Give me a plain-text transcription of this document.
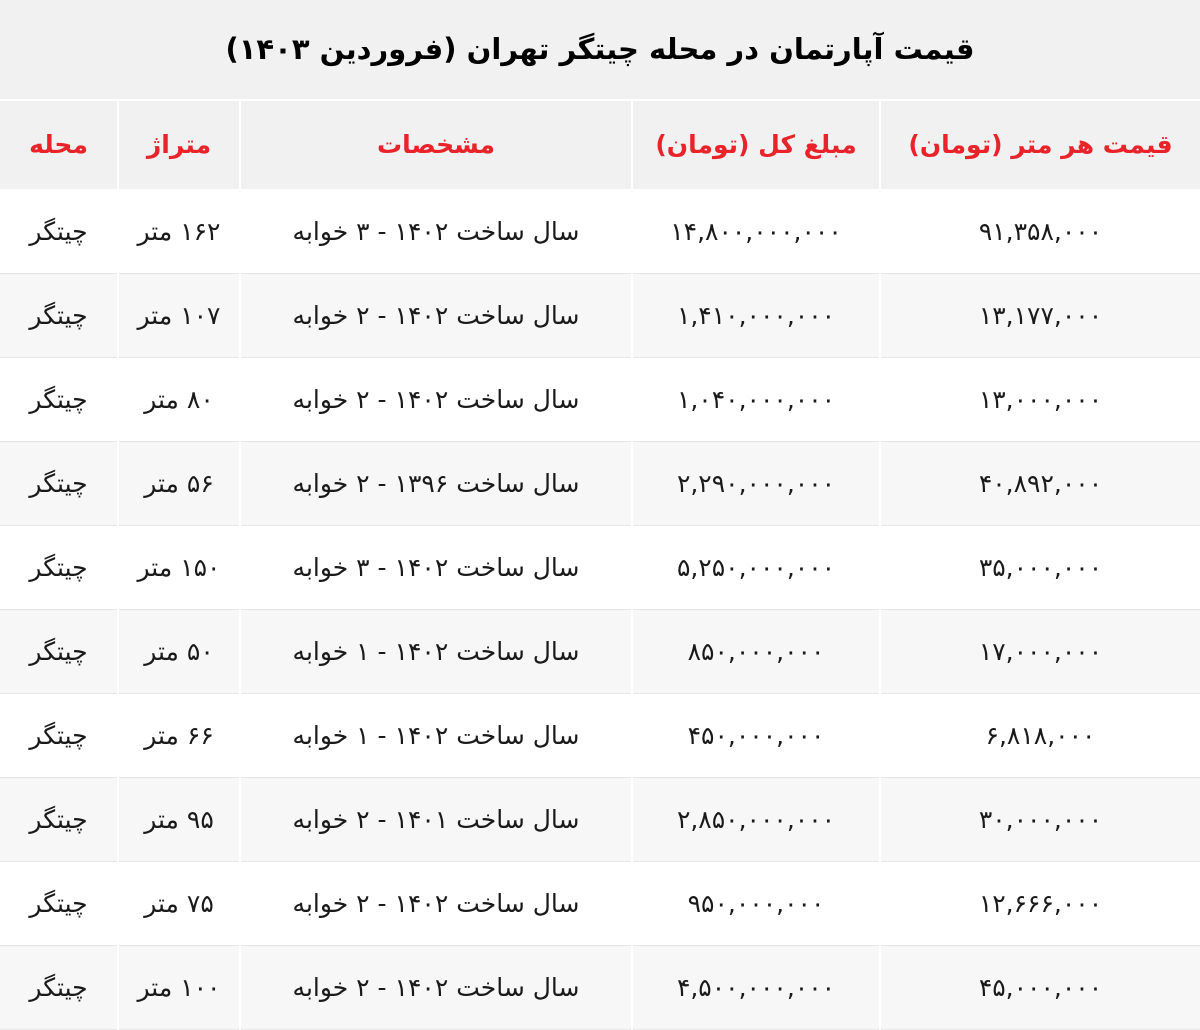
قیمت آپارتمان در محله چیتگر تهران (فروردین ۱۴۰۳)
قیمت هر متر (تومان)	مبلغ کل (تومان)	مشخصات	متراژ	محله
۹۱,۳۵۸,۰۰۰	۱۴,۸۰۰,۰۰۰,۰۰۰	سال ساخت ۱۴۰۲ - ۳ خوابه	۱۶۲ متر	چیتگر
۱۳,۱۷۷,۰۰۰	۱,۴۱۰,۰۰۰,۰۰۰	سال ساخت ۱۴۰۲ - ۲ خوابه	۱۰۷ متر	چیتگر
۱۳,۰۰۰,۰۰۰	۱,۰۴۰,۰۰۰,۰۰۰	سال ساخت ۱۴۰۲ - ۲ خوابه	۸۰ متر	چیتگر
۴۰,۸۹۲,۰۰۰	۲,۲۹۰,۰۰۰,۰۰۰	سال ساخت ۱۳۹۶ - ۲ خوابه	۵۶ متر	چیتگر
۳۵,۰۰۰,۰۰۰	۵,۲۵۰,۰۰۰,۰۰۰	سال ساخت ۱۴۰۲ - ۳ خوابه	۱۵۰ متر	چیتگر
۱۷,۰۰۰,۰۰۰	۸۵۰,۰۰۰,۰۰۰	سال ساخت ۱۴۰۲ - ۱ خوابه	۵۰ متر	چیتگر
۶,۸۱۸,۰۰۰	۴۵۰,۰۰۰,۰۰۰	سال ساخت ۱۴۰۲ - ۱ خوابه	۶۶ متر	چیتگر
۳۰,۰۰۰,۰۰۰	۲,۸۵۰,۰۰۰,۰۰۰	سال ساخت ۱۴۰۱ - ۲ خوابه	۹۵ متر	چیتگر
۱۲,۶۶۶,۰۰۰	۹۵۰,۰۰۰,۰۰۰	سال ساخت ۱۴۰۲ - ۲ خوابه	۷۵ متر	چیتگر
۴۵,۰۰۰,۰۰۰	۴,۵۰۰,۰۰۰,۰۰۰	سال ساخت ۱۴۰۲ - ۲ خوابه	۱۰۰ متر	چیتگر
